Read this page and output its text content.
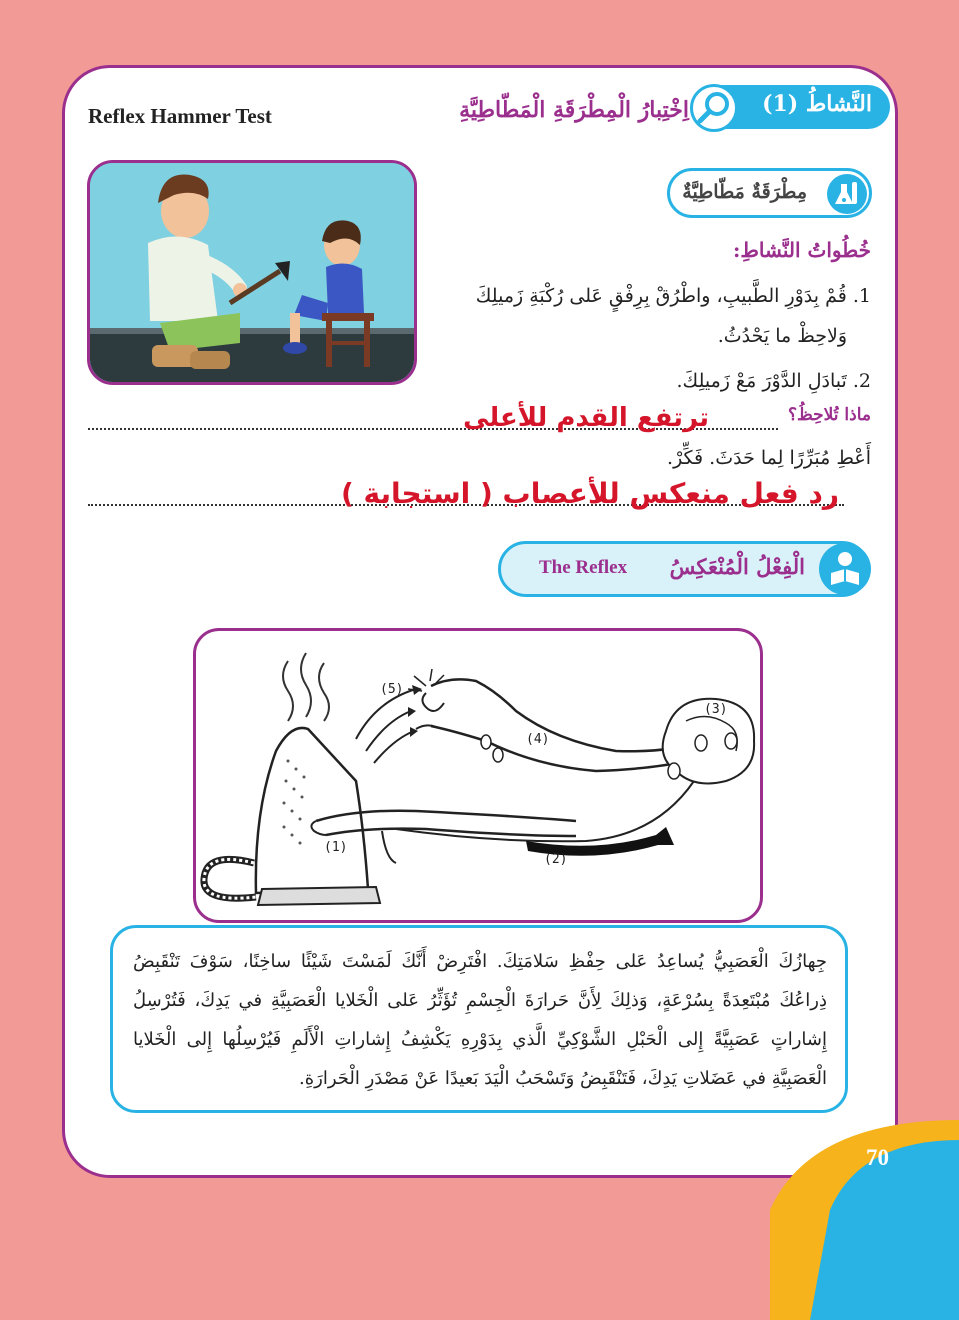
Reflex Hammer Test	اِخْتِبارُ الْمِطْرَقَةِ الْمَطّاطِيَّةِ	النَّشاطُ (1)
مِطْرَقَةٌ مَطّاطِيَّةٌ
خُطُواتُ النَّشاطِ:
1. قُمْ بِدَوْرِ الطَّبيبِ، واطْرُقْ بِرِفْقٍ عَلى رُكْبَةِ زَميلِكَ
وَلاحِظْ ما يَحْدُثُ.
2. تَبادَلِ الدَّوْرَ مَعْ زَميلِكَ.
ماذا تُلاحِظُ؟
ترتفع القدم للأعلى
أَعْطِ مُبَرِّرًا لِما حَدَثَ. فَكِّرْ.
رد فعل منعكس للأعصاب ( استجابة )
The Reflex الْفِعْلُ الْمُنْعَكِسُ
(1)
(2)
(3)
(4)
(5)
جِهازُكَ الْعَصَبِيُّ يُساعِدُ عَلى حِفْظِ سَلامَتِكَ. افْتَرِضْ أَنَّكَ لَمَسْتَ شَيْئًا ساخِنًا، سَوْفَ تَنْقَبِضُ ذِراعُكَ مُبْتَعِدَةً بِسُرْعَةٍ، وَذلِكَ لِأَنَّ حَرارَةَ الْجِسْمِ تُؤَثِّرُ عَلى الْخَلايا الْعَصَبِيَّةِ في يَدِكَ، فَتُرْسِلُ إِشاراتٍ عَصَبِيَّةً إِلى الْحَبْلِ الشَّوْكِيِّ الَّذي بِدَوْرِهِ يَكْشِفُ إِشاراتِ الْأَلَمِ فَيُرْسِلُها إِلى الْخَلايا الْعَصَبِيَّةِ في عَضَلاتِ يَدِكَ، فَتَنْقَبِضُ وَتَسْحَبُ الْيَدَ بَعيدًا عَنْ مَصْدَرِ الْحَرارَةِ.
70
